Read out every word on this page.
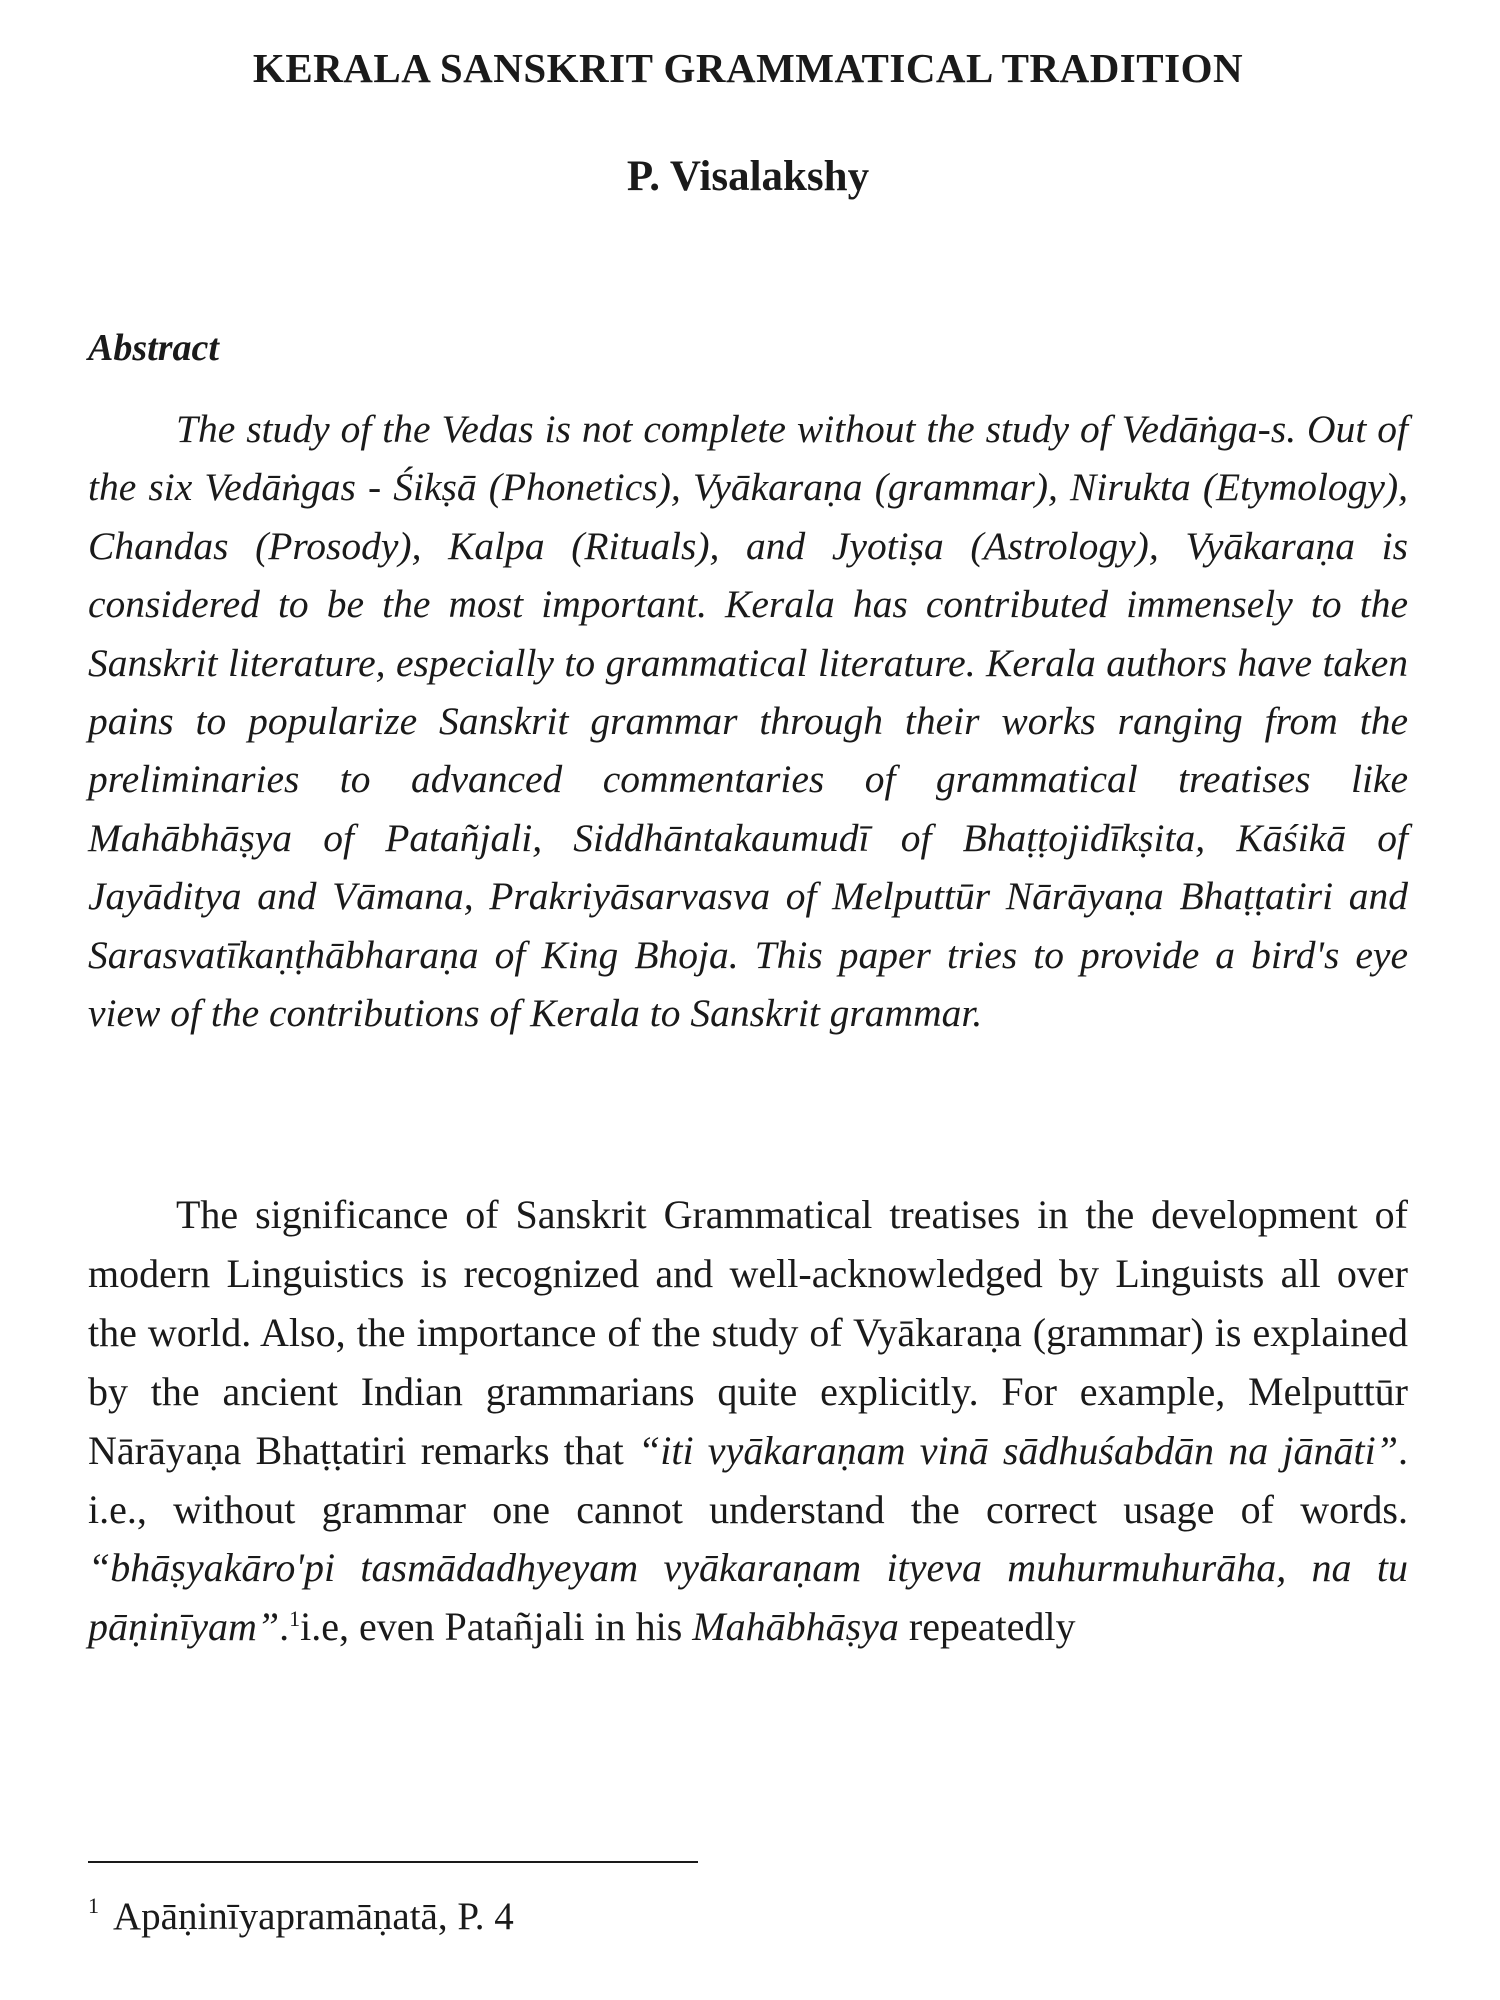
KERALA SANSKRIT GRAMMATICAL TRADITION
P. Visalakshy
Abstract

The study of the Vedas is not complete without the study of Vedāṅga-s. Out of the six Vedāṅgas - Śikṣā (Phonetics), Vyākaraṇa (grammar), Nirukta (Etymology), Chandas (Prosody), Kalpa (Rituals), and Jyotiṣa (Astrology), Vyākaraṇa is considered to be the most important. Kerala has contributed immensely to the Sanskrit literature, especially to grammatical literature. Kerala authors have taken pains to popularize Sanskrit grammar through their works ranging from the preliminaries to advanced commentaries of grammatical treatises like Mahābhāṣya of Patañjali, Siddhāntakaumudī of Bhaṭṭojidīkṣita, Kāśikā of Jayāditya and Vāmana, Prakriyāsarvasva of Melputtūr Nārāyaṇa Bhaṭṭatiri and Sarasvatīkaṇṭhābharaṇa of King Bhoja. This paper tries to provide a bird's eye view of the contributions of Kerala to Sanskrit grammar.

The significance of Sanskrit Grammatical treatises in the development of modern Linguistics is recognized and well-acknowledged by Linguists all over the world. Also, the importance of the study of Vyākaraṇa (grammar) is explained by the ancient Indian grammarians quite explicitly. For example, Melputtūr Nārāyaṇa Bhaṭṭatiri remarks that “iti vyākaraṇam vinā sādhuśabdān na jānāti”. i.e., without grammar one cannot understand the correct usage of words. “bhāṣyakāro'pi tasmādadhyeyam vyākaraṇam ityeva muhurmuhurāha, na tu pāṇinīyam”.$^1$i.e, even Patañjali in his Mahābhāṣya repeatedly

$^1$ Apāṇinīyapramāṇatā, P. 4
